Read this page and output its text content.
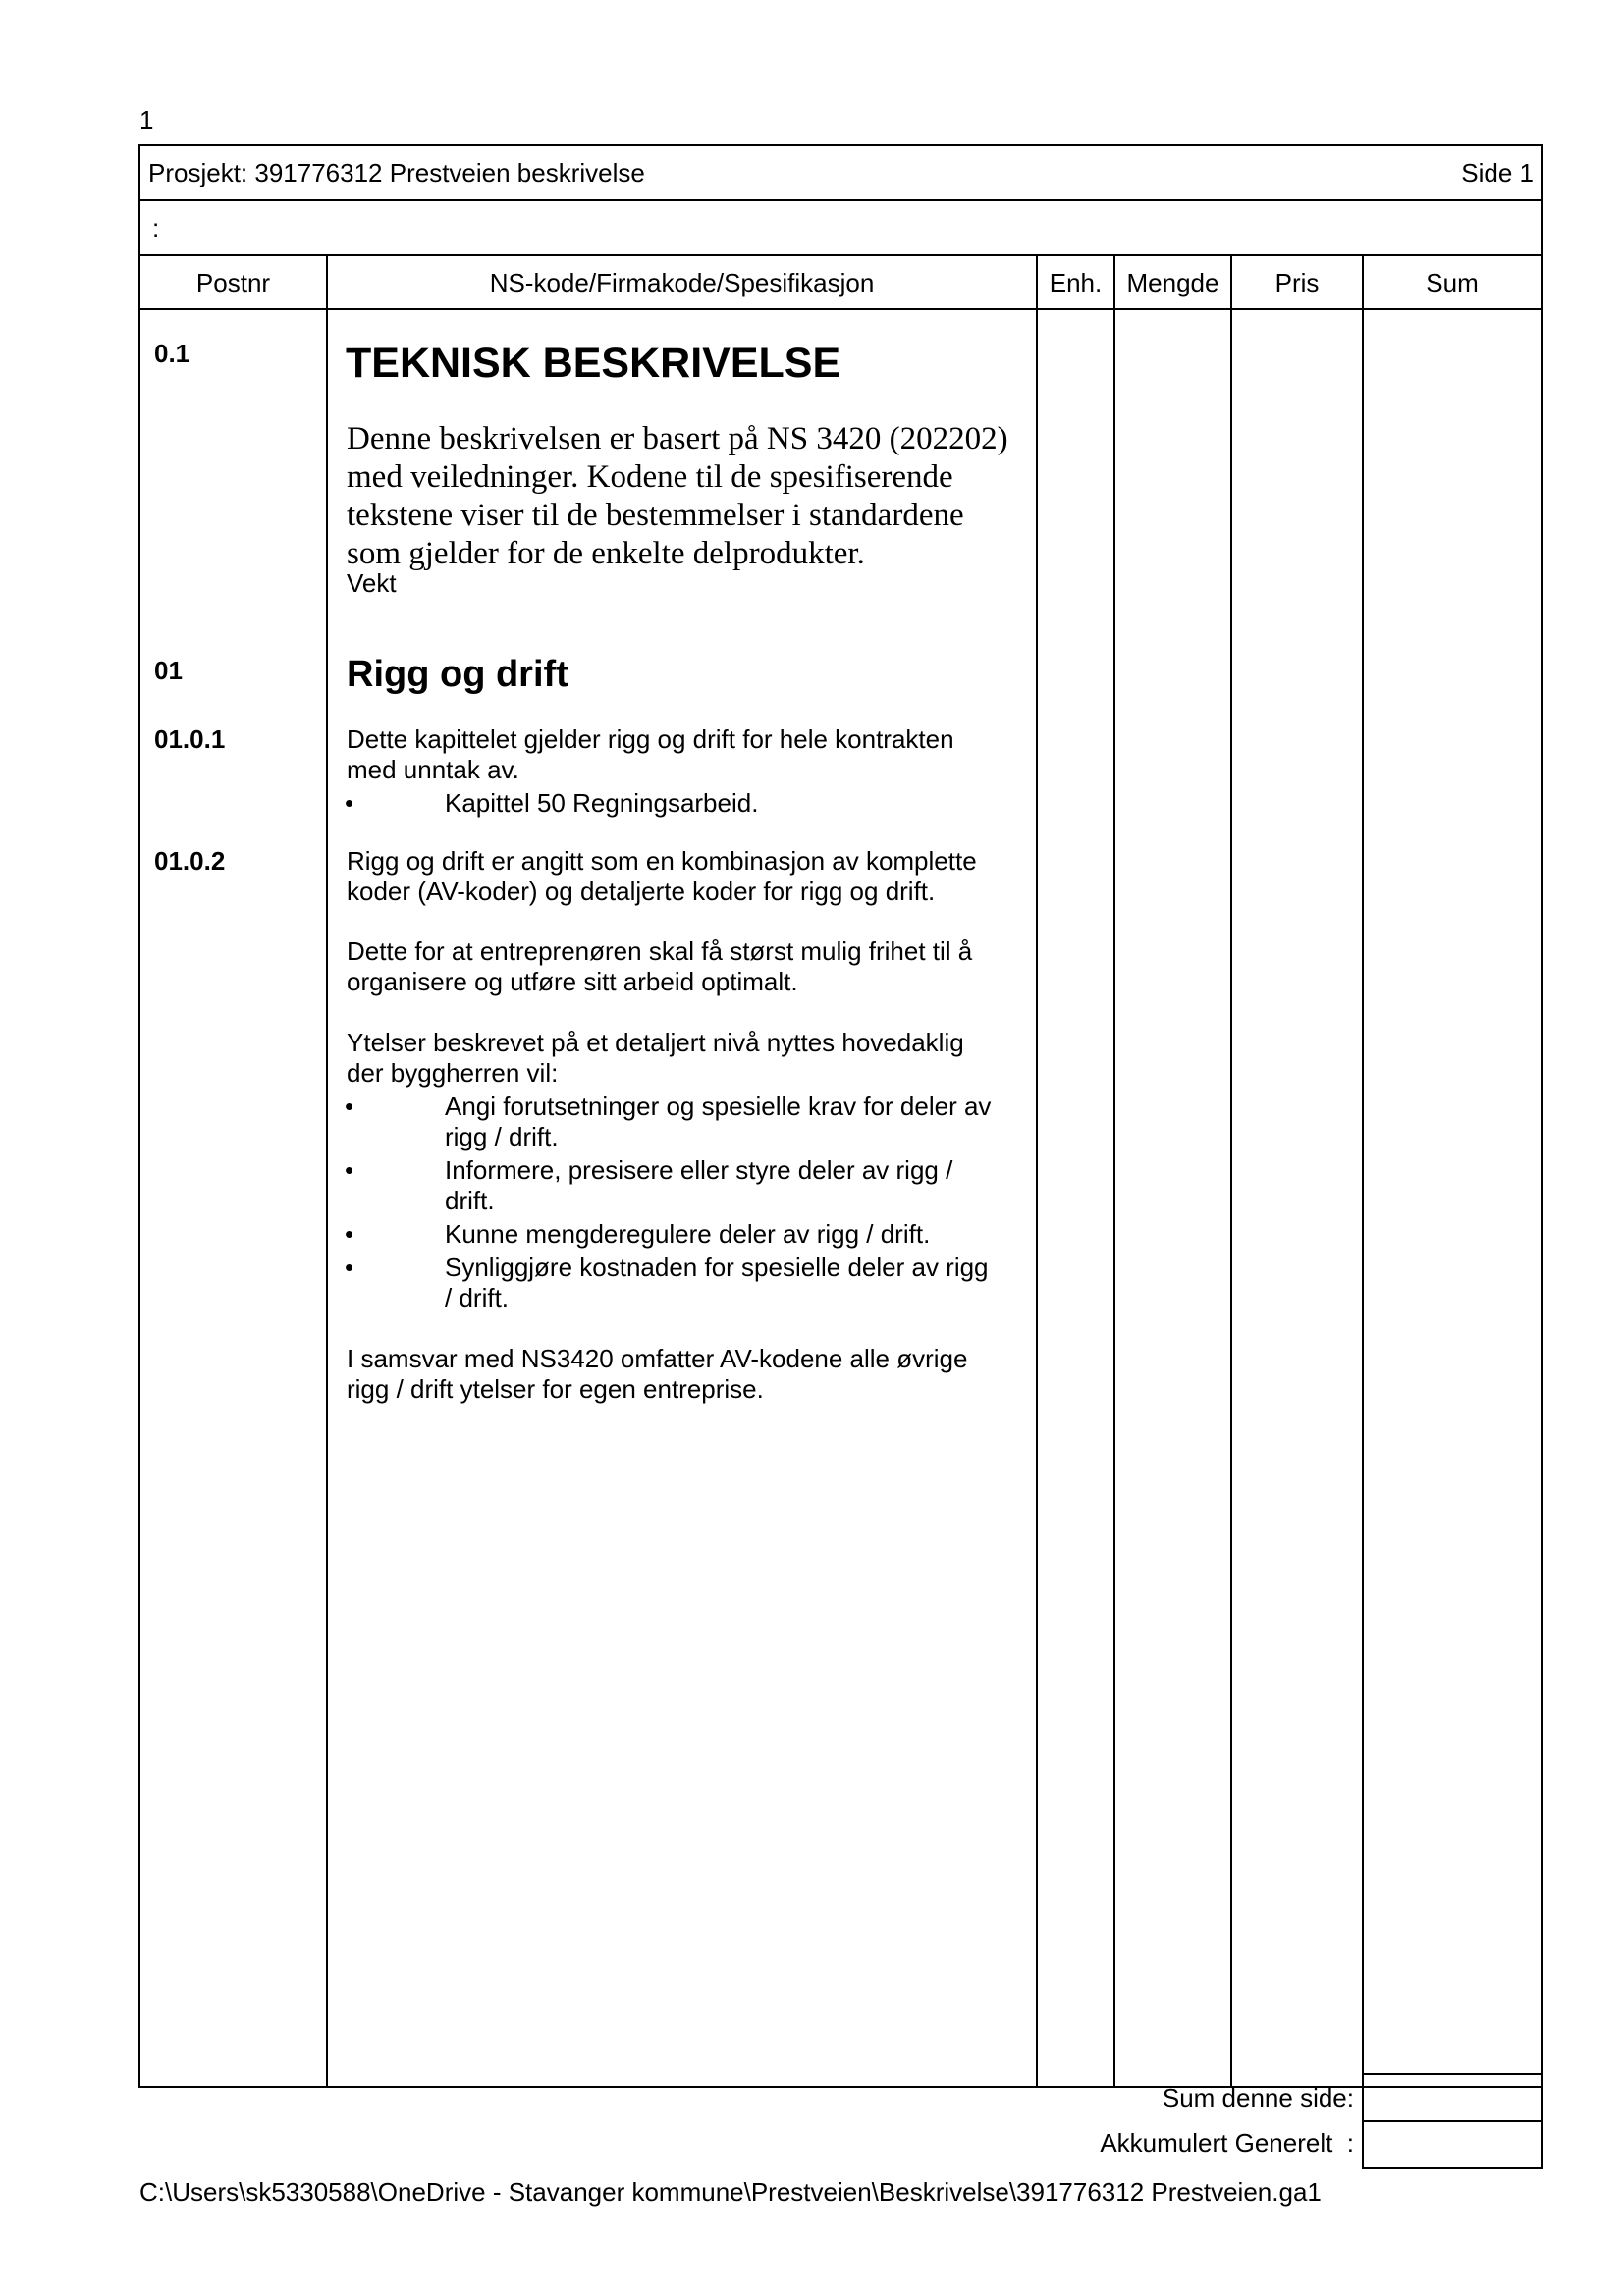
1
Prosjekt: 391776312 Prestveien beskrivelse	Side 1
:
Postnr	NS-kode/Firmakode/Spesifikasjon	Enh. Mengde	Pris	Sum
0.1	TEKNISK BESKRIVELSE
Denne beskrivelsen er basert på NS 3420 (202202)
med veiledninger. Kodene til de spesifiserende
tekstene viser til de bestemmelser i standardene
som gjelder for de enkelte delprodukter.
Vekt
01	Rigg og drift
01.0.1	Dette kapittelet gjelder rigg og drift for hele kontrakten
med unntak av.
•	Kapittel 50 Regningsarbeid.
01.0.2	Rigg og drift er angitt som en kombinasjon av komplette
koder (AV-koder) og detaljerte koder for rigg og drift.
Dette for at entreprenøren skal få størst mulig frihet til å
organisere og utføre sitt arbeid optimalt.
Ytelser beskrevet på et detaljert nivå nyttes hovedaklig
der byggherren vil:
•	Angi forutsetninger og spesielle krav for deler av
rigg / drift.
•	Informere, presisere eller styre deler av rigg /
drift.
•	Kunne mengderegulere deler av rigg / drift.
•	Synliggjøre kostnaden for spesielle deler av rigg
/ drift.
I samsvar med NS3420 omfatter AV-kodene alle øvrige
rigg / drift ytelser for egen entreprise.
Sum denne side:
Akkumulert Generelt  :
C:\Users\sk5330588\OneDrive - Stavanger kommune\Prestveien\Beskrivelse\391776312 Prestveien.ga1
